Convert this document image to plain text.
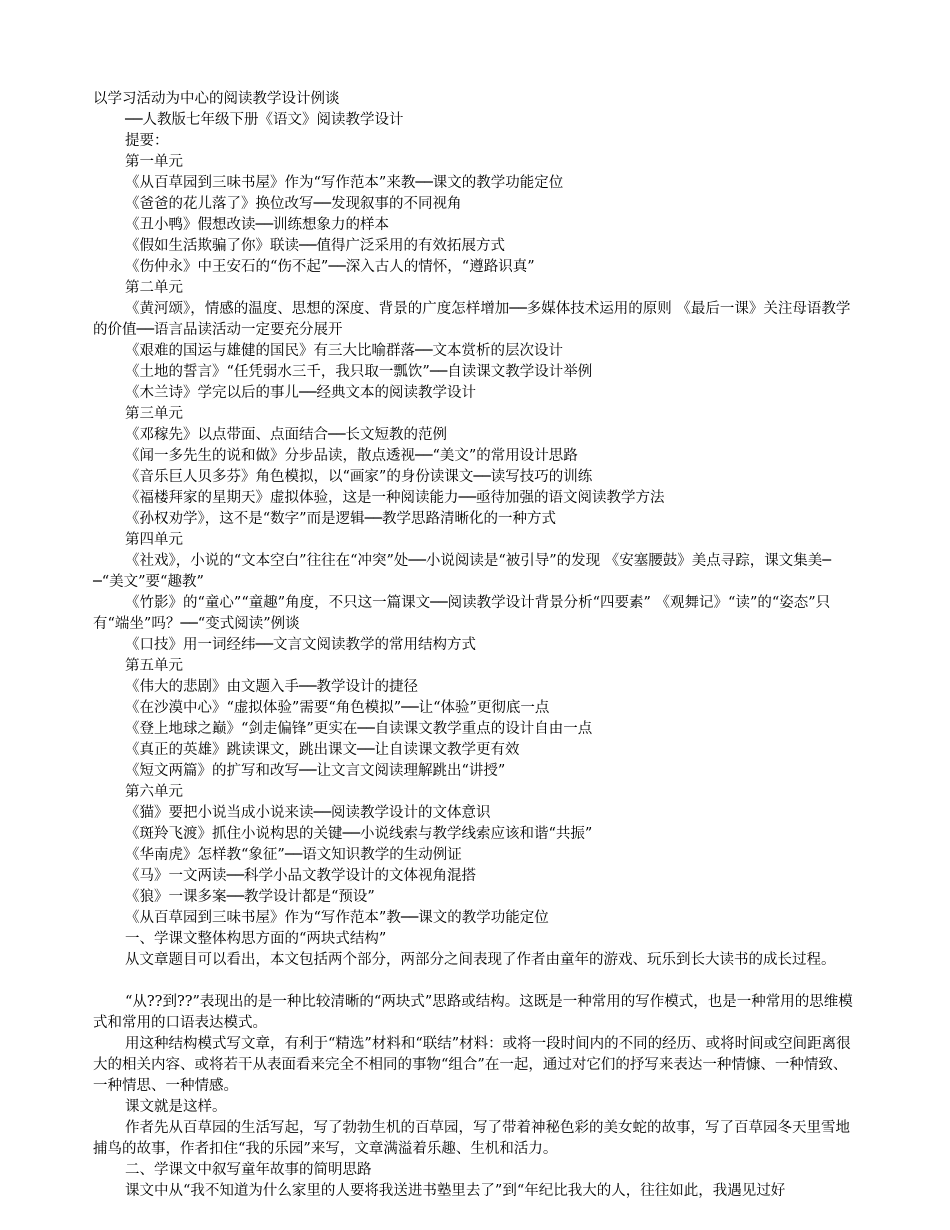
以学习活动为中心的阅读教学设计例谈
──人教版七年级下册《语文》阅读教学设计
提要：
第一单元
《从百草园到三味书屋》作为“写作范本”来教──课文的教学功能定位
《爸爸的花儿落了》换位改写──发现叙事的不同视角
《丑小鸭》假想改读──训练想象力的样本
《假如生活欺骗了你》联读──值得广泛采用的有效拓展方式
《伤仲永》中王安石的“伤不起”──深入古人的情怀，“遵路识真”
第二单元
《黄河颂》，情感的温度、思想的深度、背景的广度怎样增加──多媒体技术运用的原则 《最后一课》关注母语教学的价值──语言品读活动一定要充分展开
《艰难的国运与雄健的国民》有三大比喻群落──文本赏析的层次设计
《土地的誓言》“任凭弱水三千，我只取一瓢饮”──自读课文教学设计举例
《木兰诗》学完以后的事儿──经典文本的阅读教学设计
第三单元
《邓稼先》以点带面、点面结合──长文短教的范例
《闻一多先生的说和做》分步品读，散点透视──“美文”的常用设计思路
《音乐巨人贝多芬》角色模拟，以“画家”的身份读课文──读写技巧的训练
《福楼拜家的星期天》虚拟体验，这是一种阅读能力──亟待加强的语文阅读教学方法
《孙权劝学》，这不是“数字”而是逻辑──教学思路清晰化的一种方式
第四单元
《社戏》，小说的“文本空白”往往在“冲突”处──小说阅读是“被引导”的发现 《安塞腰鼓》美点寻踪，课文集美──“美文”要“趣教”
《竹影》的“童心”“童趣”角度，不只这一篇课文──阅读教学设计背景分析“四要素” 《观舞记》“读”的“姿态”只有“端坐”吗？──“变式阅读”例谈
《口技》用一词经纬──文言文阅读教学的常用结构方式
第五单元
《伟大的悲剧》由文题入手──教学设计的捷径
《在沙漠中心》“虚拟体验”需要“角色模拟”──让“体验”更彻底一点
《登上地球之巅》“剑走偏锋”更实在──自读课文教学重点的设计自由一点
《真正的英雄》跳读课文，跳出课文──让自读课文教学更有效
《短文两篇》的扩写和改写──让文言文阅读理解跳出“讲授”
第六单元
《猫》要把小说当成小说来读──阅读教学设计的文体意识
《斑羚飞渡》抓住小说构思的关键──小说线索与教学线索应该和谐“共振”
《华南虎》怎样教“象征”──语文知识教学的生动例证
《马》一文两读──科学小品文教学设计的文体视角混搭
《狼》一课多案──教学设计都是“预设”
《从百草园到三味书屋》作为“写作范本”教──课文的教学功能定位
一、学课文整体构思方面的“两块式结构”
从文章题目可以看出，本文包括两个部分，两部分之间表现了作者由童年的游戏、玩乐到长大读书的成长过程。
“从??到??”表现出的是一种比较清晰的“两块式”思路或结构。这既是一种常用的写作模式，也是一种常用的思维模式和常用的口语表达模式。
用这种结构模式写文章，有利于“精选”材料和“联结”材料：或将一段时间内的不同的经历、或将时间或空间距离很大的相关内容、或将若干从表面看来完全不相同的事物“组合”在一起，通过对它们的抒写来表达一种情慷、一种情致、一种情思、一种情感。
课文就是这样。
作者先从百草园的生活写起，写了勃勃生机的百草园，写了带着神秘色彩的美女蛇的故事，写了百草园冬天里雪地捕鸟的故事，作者扣住“我的乐园”来写，文章满溢着乐趣、生机和活力。
二、学课文中叙写童年故事的简明思路
课文中从“我不知道为什么家里的人要将我送进书塾里去了”到“年纪比我大的人，往往如此，我遇见过好
